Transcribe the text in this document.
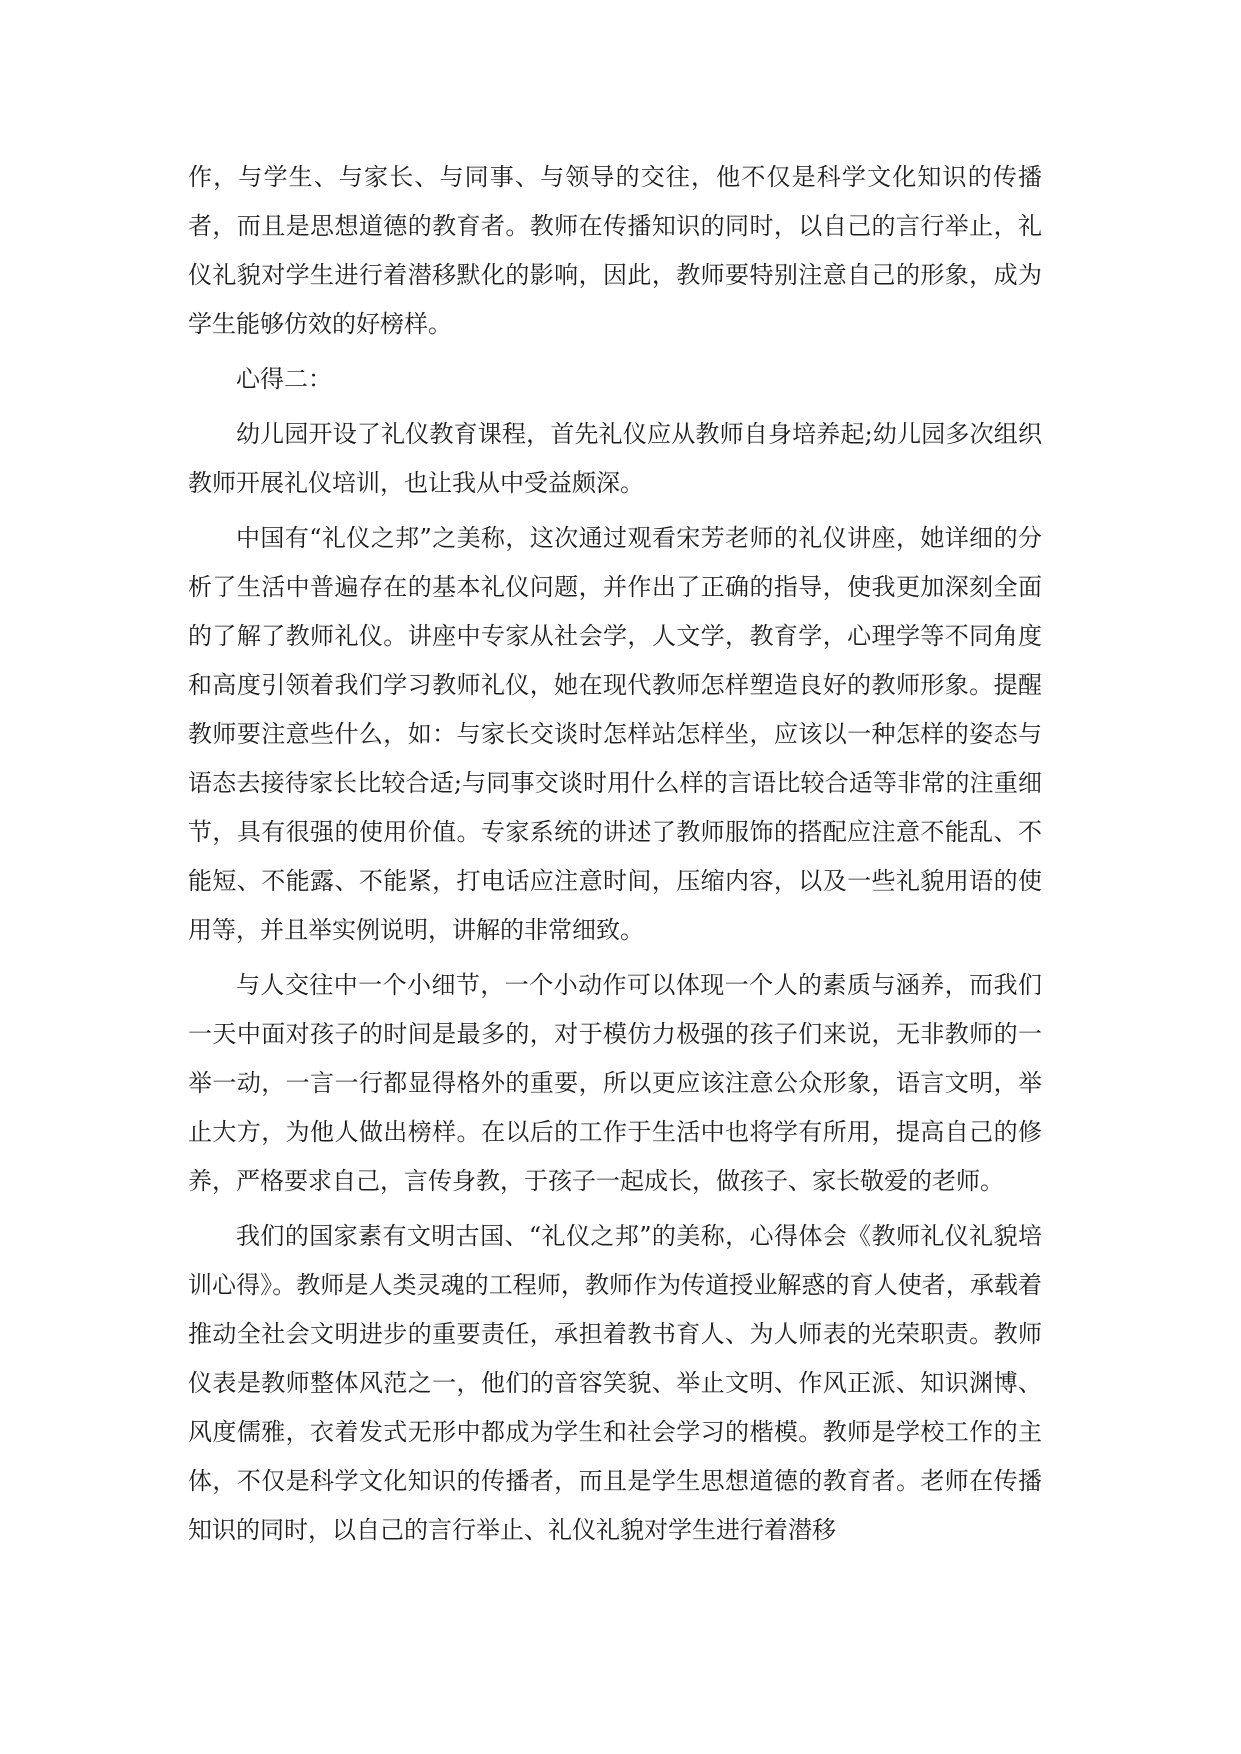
作，与学生、与家长、与同事、与领导的交往，他不仅是科学文化知识的传播者，而且是思想道德的教育者。教师在传播知识的同时，以自己的言行举止，礼仪礼貌对学生进行着潜移默化的影响，因此，教师要特别注意自己的形象，成为学生能够仿效的好榜样。

心得二：

幼儿园开设了礼仪教育课程，首先礼仪应从教师自身培养起;幼儿园多次组织教师开展礼仪培训，也让我从中受益颇深。

中国有“礼仪之邦”之美称，这次通过观看宋芳老师的礼仪讲座，她详细的分析了生活中普遍存在的基本礼仪问题，并作出了正确的指导，使我更加深刻全面的了解了教师礼仪。讲座中专家从社会学，人文学，教育学，心理学等不同角度和高度引领着我们学习教师礼仪，她在现代教师怎样塑造良好的教师形象。提醒教师要注意些什么，如：与家长交谈时怎样站怎样坐，应该以一种怎样的姿态与语态去接待家长比较合适;与同事交谈时用什么样的言语比较合适等非常的注重细节，具有很强的使用价值。专家系统的讲述了教师服饰的搭配应注意不能乱、不能短、不能露、不能紧，打电话应注意时间，压缩内容，以及一些礼貌用语的使用等，并且举实例说明，讲解的非常细致。

与人交往中一个小细节，一个小动作可以体现一个人的素质与涵养，而我们一天中面对孩子的时间是最多的，对于模仿力极强的孩子们来说，无非教师的一举一动，一言一行都显得格外的重要，所以更应该注意公众形象，语言文明，举止大方，为他人做出榜样。在以后的工作于生活中也将学有所用，提高自己的修养，严格要求自己，言传身教，于孩子一起成长，做孩子、家长敬爱的老师。

我们的国家素有文明古国、“礼仪之邦”的美称，心得体会《教师礼仪礼貌培训心得》。教师是人类灵魂的工程师，教师作为传道授业解惑的育人使者，承载着推动全社会文明进步的重要责任，承担着教书育人、为人师表的光荣职责。教师仪表是教师整体风范之一，他们的音容笑貌、举止文明、作风正派、知识渊博、风度儒雅，衣着发式无形中都成为学生和社会学习的楷模。教师是学校工作的主体，不仅是科学文化知识的传播者，而且是学生思想道德的教育者。老师在传播知识的同时，以自己的言行举止、礼仪礼貌对学生进行着潜移
